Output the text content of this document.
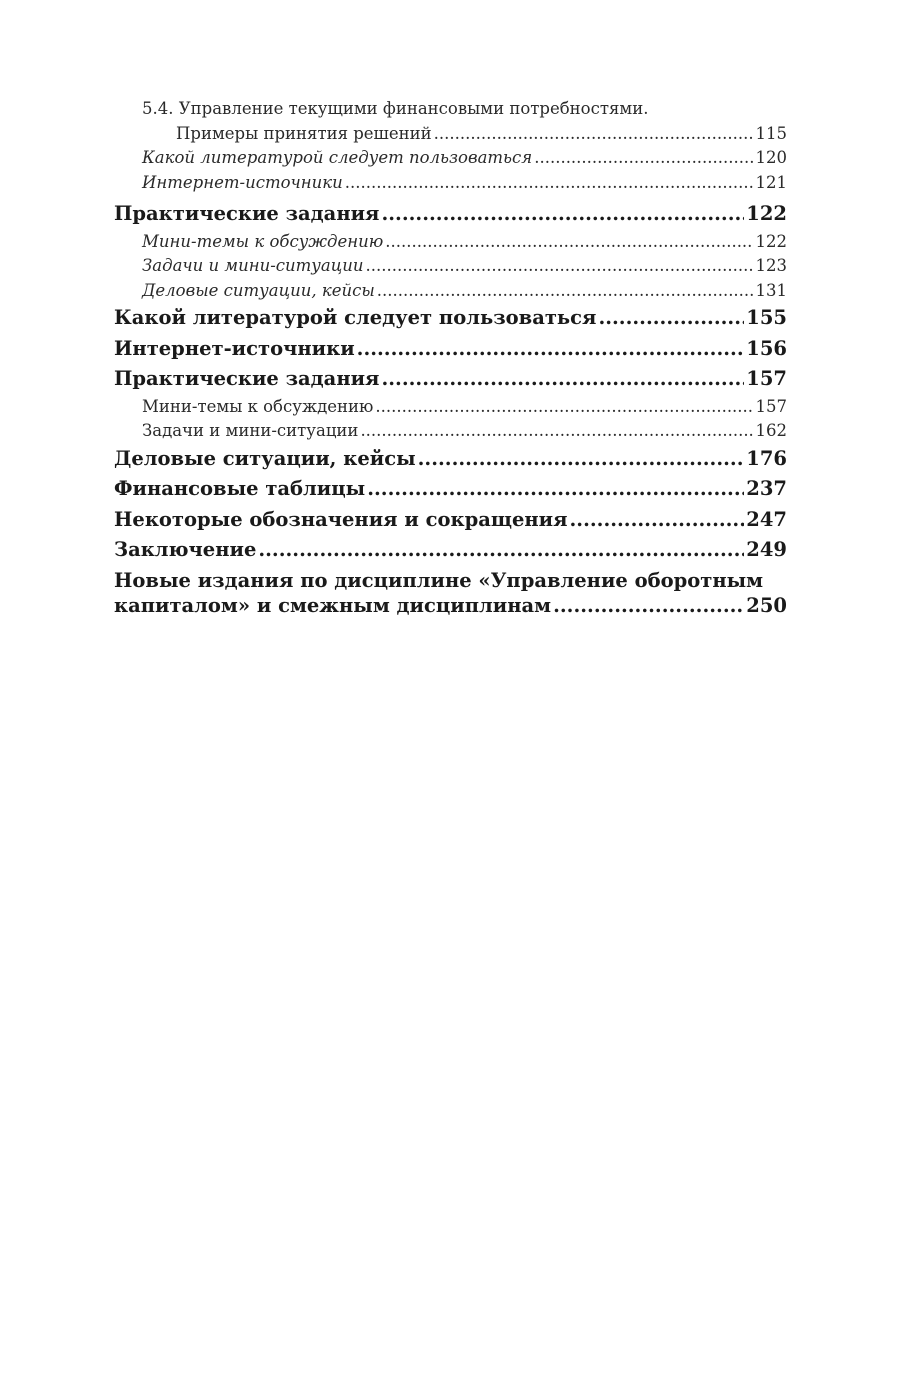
5.4. Управление текущими финансовыми потребностями.
Примеры принятия решений .....	115
Какой литературой следует пользоваться .....	120
Интернет-источники .....	121
Практические задания .....	122
Мини-темы к обсуждению .....	122
Задачи и мини-ситуации .....	123
Деловые ситуации, кейсы .....	131
Какой литературой следует пользоваться .....	155
Интернет-источники .....	156
Практические задания .....	157
Мини-темы к обсуждению .....	157
Задачи и мини-ситуации .....	162
Деловые ситуации, кейсы .....	176
Финансовые таблицы .....	237
Некоторые обозначения и сокращения .....	247
Заключение .....	249
Новые издания по дисциплине «Управление оборотным
капиталом» и смежным дисциплинам .....	250
